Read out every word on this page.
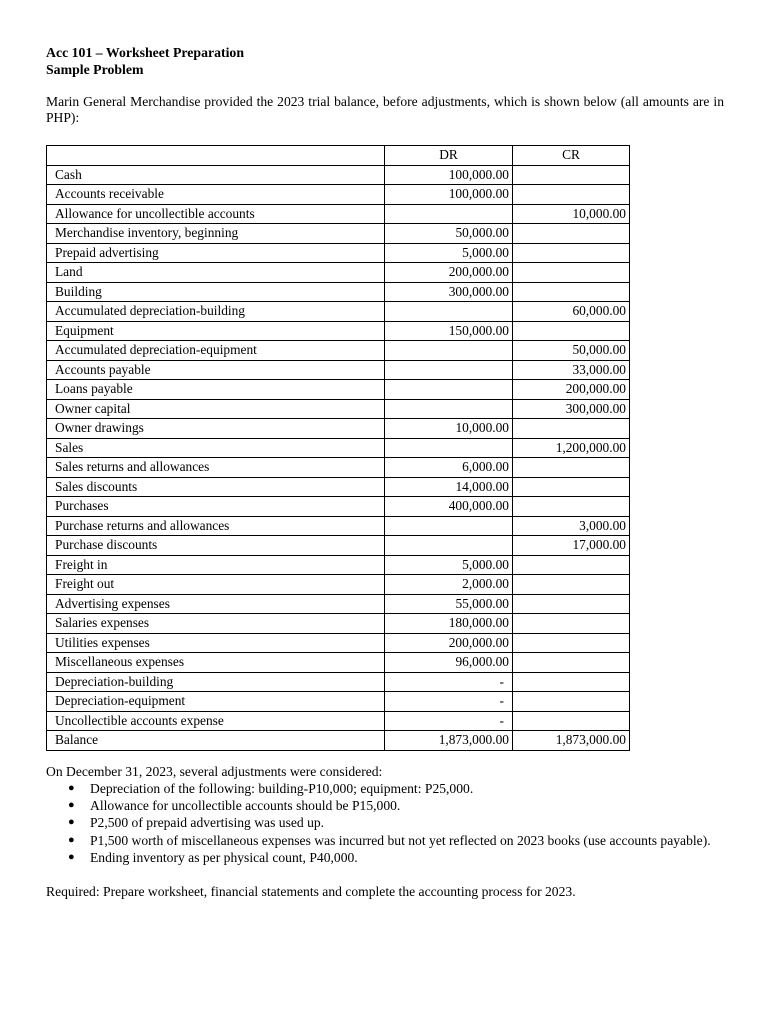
Acc 101 – Worksheet Preparation
Sample Problem
Marin General Merchandise provided the 2023 trial balance, before adjustments, which is shown below (all amounts are in PHP):
	DR	CR
Cash	100,000.00	
Accounts receivable	100,000.00	
Allowance for uncollectible accounts		10,000.00
Merchandise inventory, beginning	50,000.00	
Prepaid advertising	5,000.00	
Land	200,000.00	
Building	300,000.00	
Accumulated depreciation-building		60,000.00
Equipment	150,000.00	
Accumulated depreciation-equipment		50,000.00
Accounts payable		33,000.00
Loans payable		200,000.00
Owner capital		300,000.00
Owner drawings	10,000.00	
Sales		1,200,000.00
Sales returns and allowances	6,000.00	
Sales discounts	14,000.00	
Purchases	400,000.00	
Purchase returns and allowances		3,000.00
Purchase discounts		17,000.00
Freight in	5,000.00	
Freight out	2,000.00	
Advertising expenses	55,000.00	
Salaries expenses	180,000.00	
Utilities expenses	200,000.00	
Miscellaneous expenses	96,000.00	
Depreciation-building	-	
Depreciation-equipment	-	
Uncollectible accounts expense	-	
Balance	1,873,000.00	1,873,000.00
On December 31, 2023, several adjustments were considered:
● Depreciation of the following: building-P10,000; equipment: P25,000.
● Allowance for uncollectible accounts should be P15,000.
● P2,500 of prepaid advertising was used up.
● P1,500 worth of miscellaneous expenses was incurred but not yet reflected on 2023 books (use accounts payable).
● Ending inventory as per physical count, P40,000.
Required: Prepare worksheet, financial statements and complete the accounting process for 2023.
